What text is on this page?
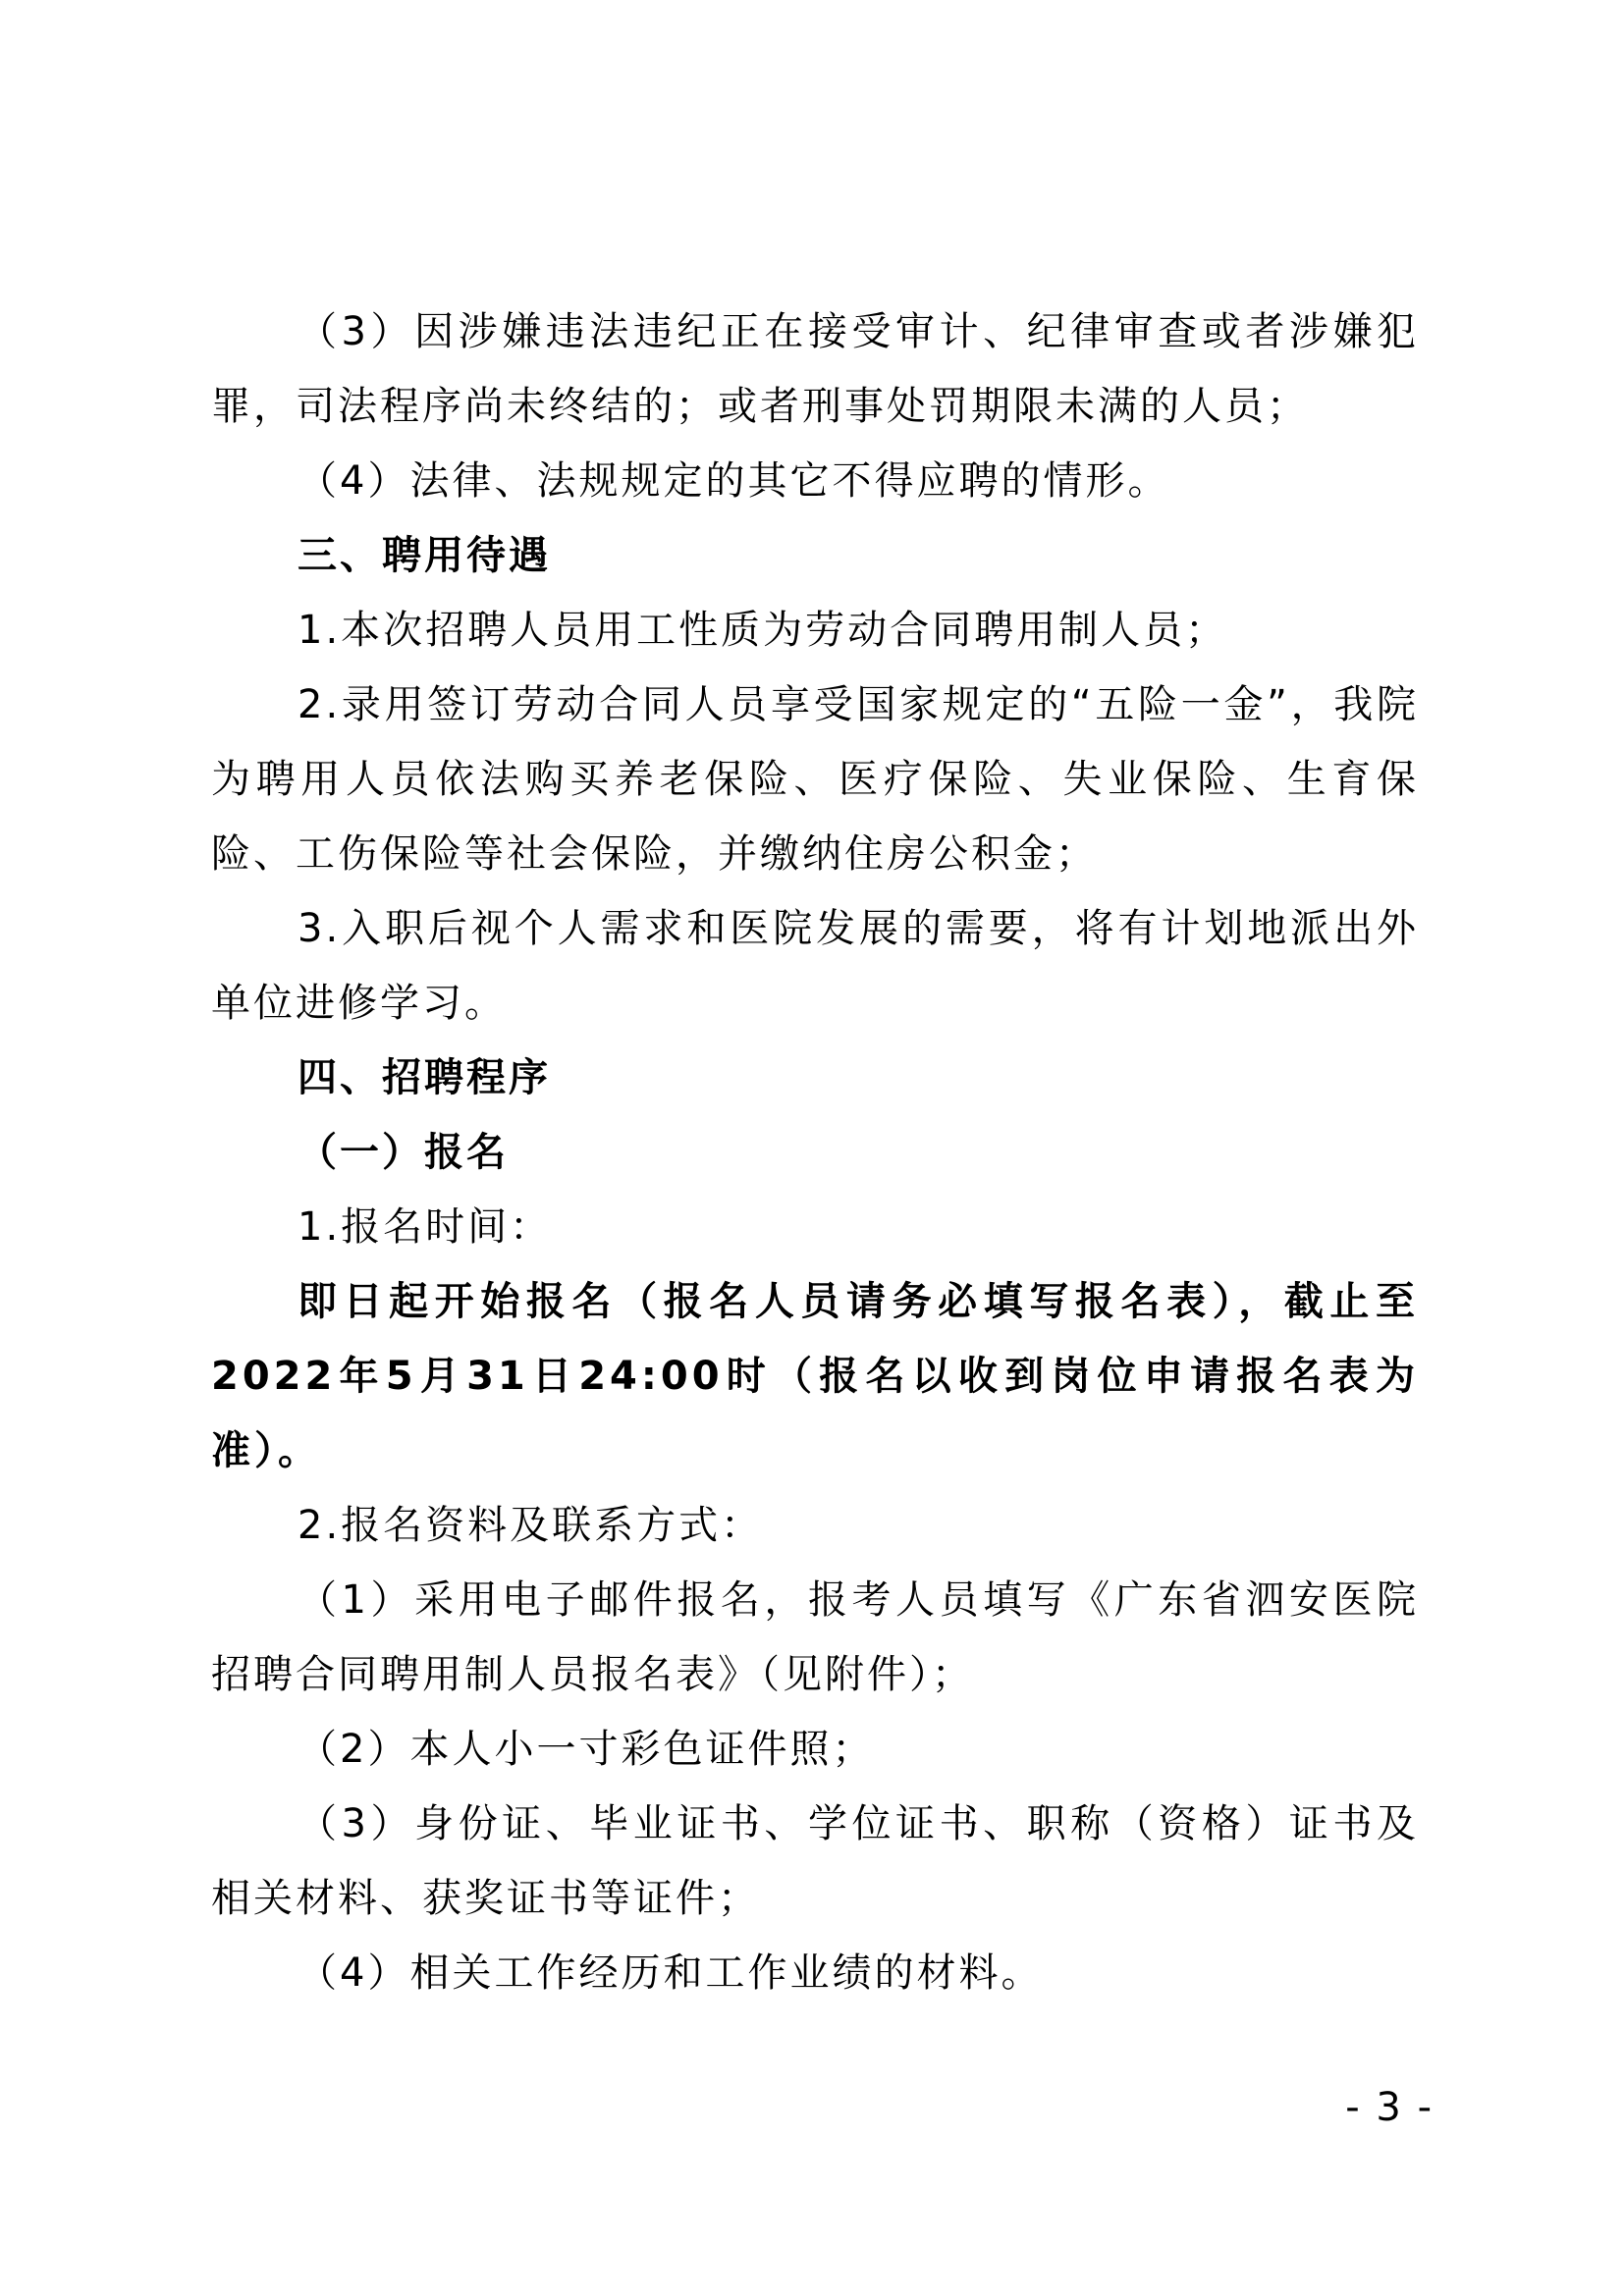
（3）因涉嫌违法违纪正在接受审计、纪律审查或者涉嫌犯罪，司法程序尚未终结的；或者刑事处罚期限未满的人员；

（4）法律、法规规定的其它不得应聘的情形。

三、聘用待遇

1.本次招聘人员用工性质为劳动合同聘用制人员；

2.录用签订劳动合同人员享受国家规定的“五险一金”，我院为聘用人员依法购买养老保险、医疗保险、失业保险、生育保险、工伤保险等社会保险，并缴纳住房公积金；

3.入职后视个人需求和医院发展的需要，将有计划地派出外单位进修学习。

四、招聘程序

（一）报名

1.报名时间：

即日起开始报名（报名人员请务必填写报名表），截止至2022年5月31日24:00时（报名以收到岗位申请报名表为准）。

2.报名资料及联系方式：

（1）采用电子邮件报名，报考人员填写《广东省泗安医院招聘合同聘用制人员报名表》（见附件）；

（2）本人小一寸彩色证件照；

（3）身份证、毕业证书、学位证书、职称（资格）证书及相关材料、获奖证书等证件；

（4）相关工作经历和工作业绩的材料。

- 3 -
